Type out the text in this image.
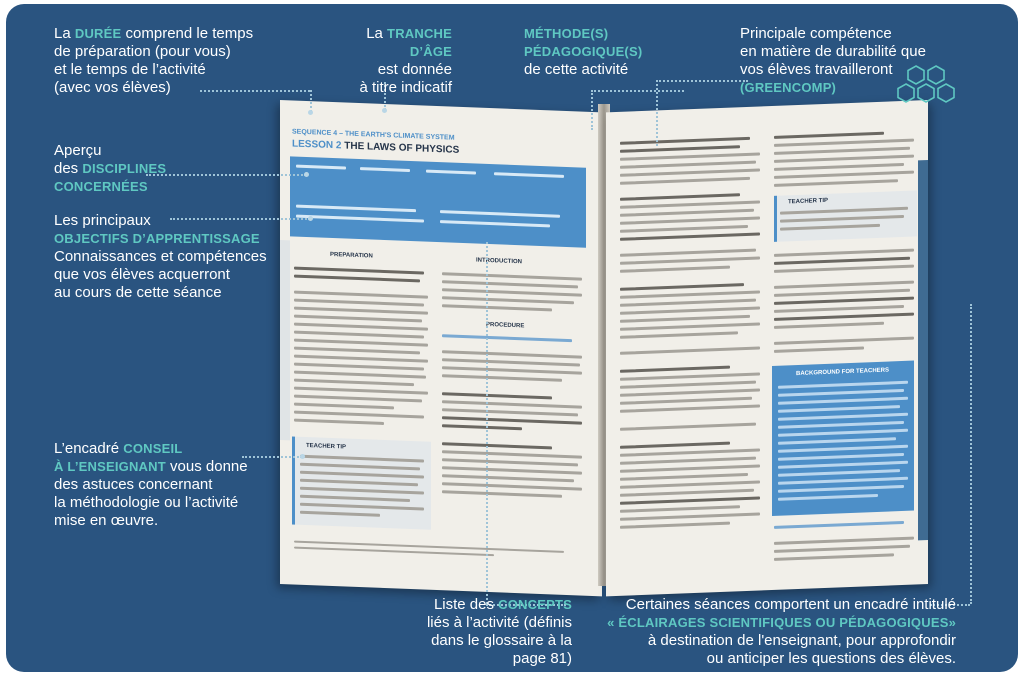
SEQUENCE 4 – THE EARTH'S CLIMATE SYSTEM
LESSON 2 THE LAWS OF PHYSICS
PREPARATION
INTRODUCTION
PROCEDURE
TEACHER TIP
TEACHER TIP
BACKGROUND FOR TEACHERS
La DURÉE comprend le temps
de préparation (pour vous)
et le temps de l’activité
(avec vos élèves)
La TRANCHE D’ÂGE
est donnée
à titre indicatif
MÉTHODE(S)
PÉDAGOGIQUE(S)
de cette activité
Principale compétence
en matière de durabilité que
vos élèves travailleront
(GREENCOMP)
Aperçu
des DISCIPLINES
CONCERNÉES
Les principaux
OBJECTIFS D’APPRENTISSAGE
Connaissances et compétences
que vos élèves acquerront
au cours de cette séance
L’encadré CONSEIL
À L’ENSEIGNANT vous donne
des astuces concernant
la méthodologie ou l’activité
mise en œuvre.
Liste des CONCEPTS
liés à l’activité (définis
dans le glossaire à la page 81)
Certaines séances comportent un encadré intitulé
« ÉCLAIRAGES SCIENTIFIQUES OU PÉDAGOGIQUES»
à destination de l'enseignant, pour approfondir
ou anticiper les questions des élèves.
